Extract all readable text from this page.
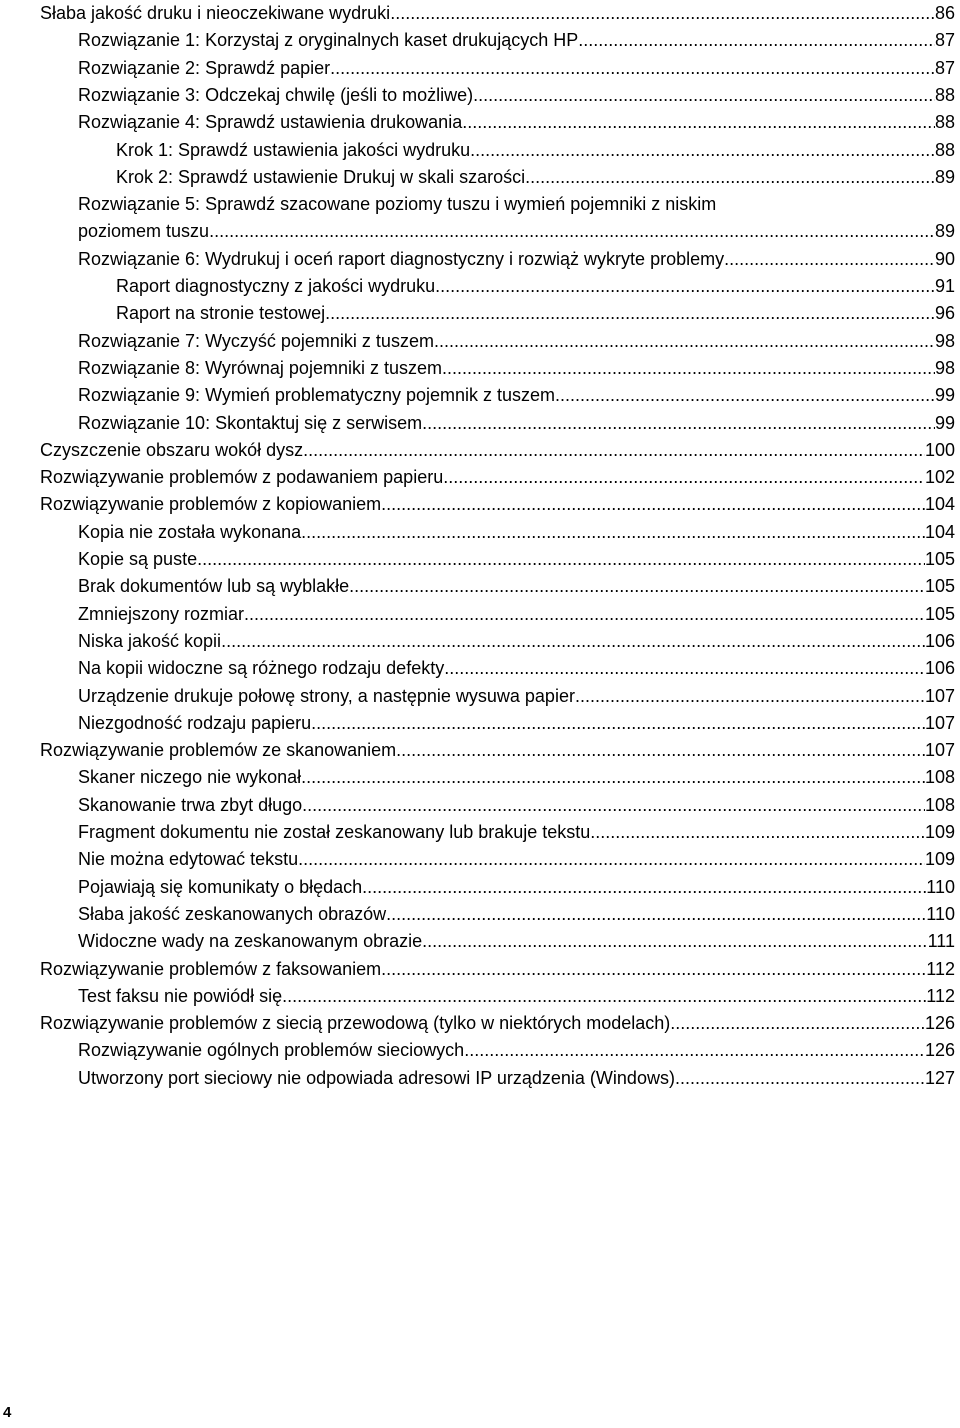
Słaba jakość druku i nieoczekiwane wydruki .....	86
Rozwiązanie 1: Korzystaj z oryginalnych kaset drukujących HP .....	87
Rozwiązanie 2: Sprawdź papier .....	87
Rozwiązanie 3: Odczekaj chwilę (jeśli to możliwe) .....	88
Rozwiązanie 4: Sprawdź ustawienia drukowania .....	88
Krok 1: Sprawdź ustawienia jakości wydruku .....	88
Krok 2: Sprawdź ustawienie Drukuj w skali szarości .....	89
Rozwiązanie 5: Sprawdź szacowane poziomy tuszu i wymień pojemniki z niskim
poziomem tuszu .....	89
Rozwiązanie 6: Wydrukuj i oceń raport diagnostyczny i rozwiąż wykryte problemy .....	90
Raport diagnostyczny z jakości wydruku .....	91
Raport na stronie testowej .....	96
Rozwiązanie 7: Wyczyść pojemniki z tuszem .....	98
Rozwiązanie 8: Wyrównaj pojemniki z tuszem .....	98
Rozwiązanie 9: Wymień problematyczny pojemnik z tuszem .....	99
Rozwiązanie 10: Skontaktuj się z serwisem .....	99
Czyszczenie obszaru wokół dysz .....	100
Rozwiązywanie problemów z podawaniem papieru .....	102
Rozwiązywanie problemów z kopiowaniem .....	104
Kopia nie została wykonana .....	104
Kopie są puste .....	105
Brak dokumentów lub są wyblakłe .....	105
Zmniejszony rozmiar .....	105
Niska jakość kopii .....	106
Na kopii widoczne są różnego rodzaju defekty .....	106
Urządzenie drukuje połowę strony, a następnie wysuwa papier .....	107
Niezgodność rodzaju papieru .....	107
Rozwiązywanie problemów ze skanowaniem .....	107
Skaner niczego nie wykonał .....	108
Skanowanie trwa zbyt długo .....	108
Fragment dokumentu nie został zeskanowany lub brakuje tekstu .....	109
Nie można edytować tekstu .....	109
Pojawiają się komunikaty o błędach .....	110
Słaba jakość zeskanowanych obrazów .....	110
Widoczne wady na zeskanowanym obrazie .....	111
Rozwiązywanie problemów z faksowaniem .....	112
Test faksu nie powiódł się .....	112
Rozwiązywanie problemów z siecią przewodową (tylko w niektórych modelach) .....	126
Rozwiązywanie ogólnych problemów sieciowych .....	126
Utworzony port sieciowy nie odpowiada adresowi IP urządzenia (Windows) .....	127
4
